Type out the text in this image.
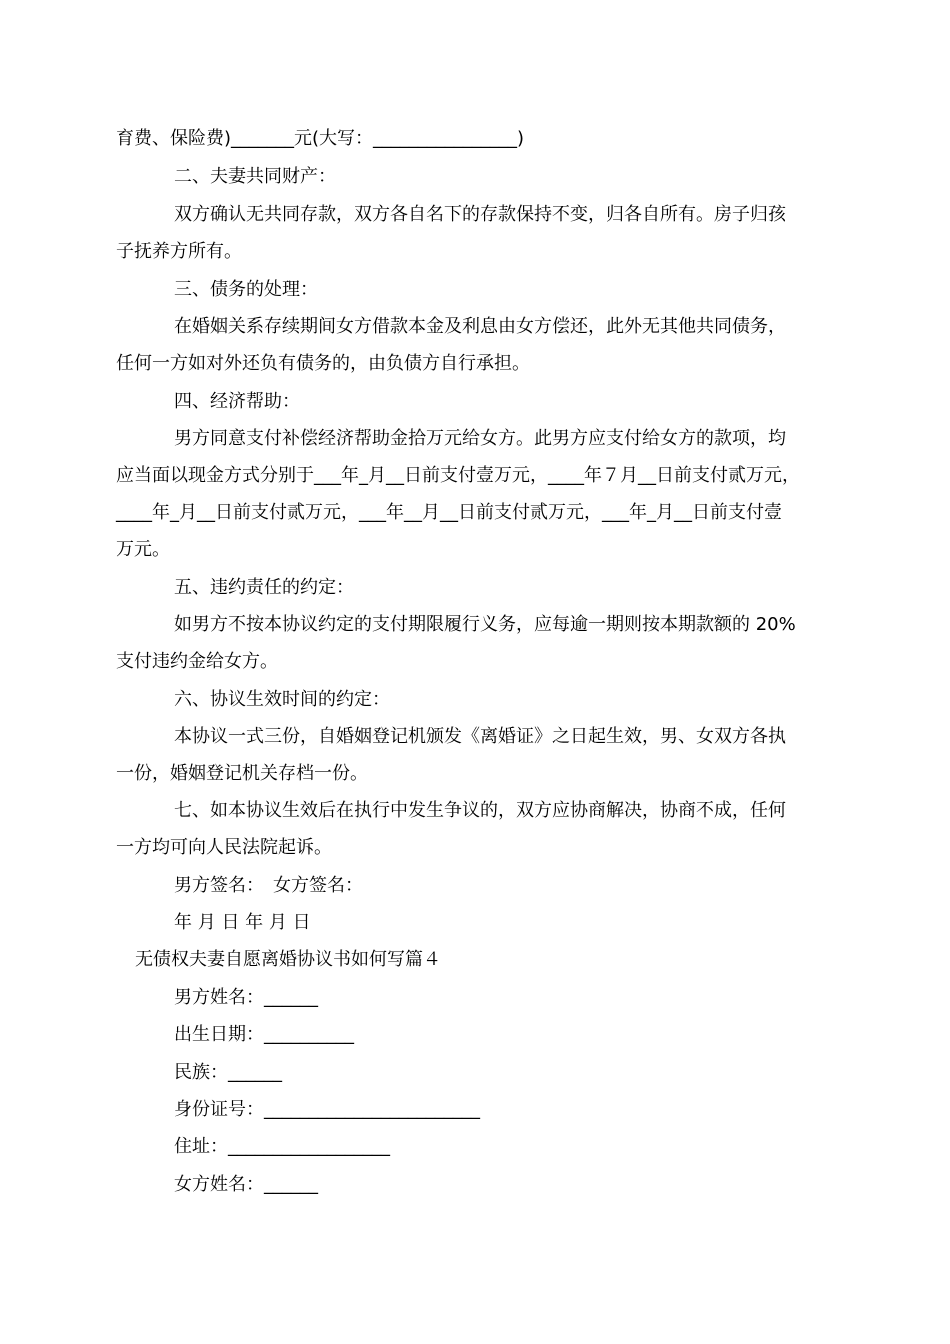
育费、保险费)_______元(大写：________________)
二、夫妻共同财产：
双方确认无共同存款，双方各自名下的存款保持不变，归各自所有。房子归孩
子抚养方所有。
三、债务的处理：
在婚姻关系存续期间女方借款本金及利息由女方偿还，此外无其他共同债务，
任何一方如对外还负有债务的，由负债方自行承担。
四、经济帮助：
男方同意支付补偿经济帮助金拾万元给女方。此男方应支付给女方的款项，均
应当面以现金方式分别于___年_月__日前支付壹万元，____年７月__日前支付贰万元，
____年_月__日前支付贰万元，___年__月__日前支付贰万元，___年_月__日前支付壹
万元。
五、违约责任的约定：
如男方不按本协议约定的支付期限履行义务，应每逾一期则按本期款额的 20%
支付违约金给女方。
六、协议生效时间的约定：
本协议一式三份，自婚姻登记机颁发《离婚证》之日起生效，男、女双方各执
一份，婚姻登记机关存档一份。
七、如本协议生效后在执行中发生争议的，双方应协商解决，协商不成，任何
一方均可向人民法院起诉。
男方签名：　女方签名：
年 月 日 年 月 日
无债权夫妻自愿离婚协议书如何写篇４
男方姓名：______
出生日期：__________
民族：______
身份证号：________________________
住址：__________________
女方姓名：______
